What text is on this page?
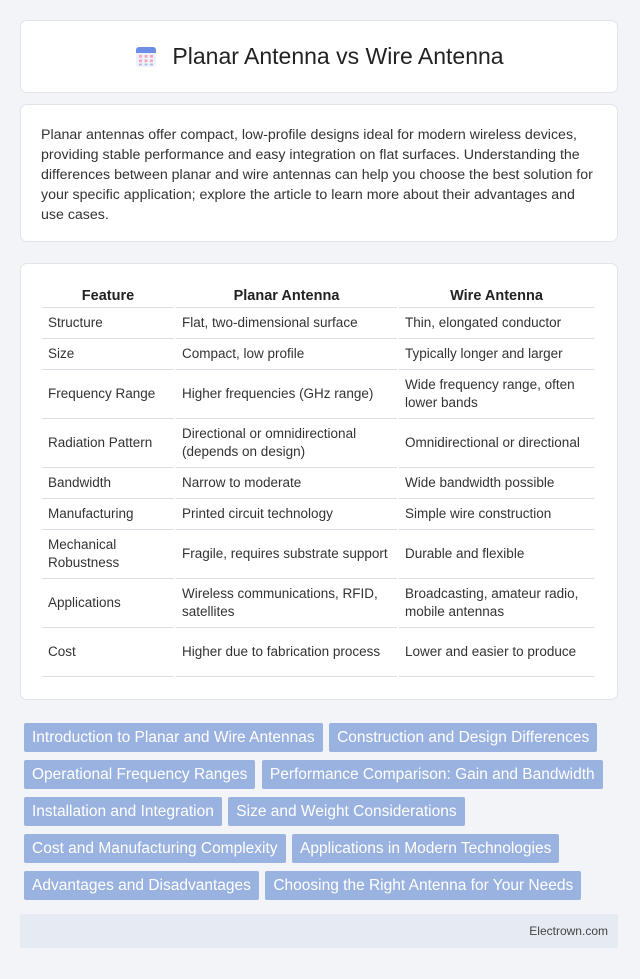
Planar Antenna vs Wire Antenna

Planar antennas offer compact, low-profile designs ideal for modern wireless devices, providing stable performance and easy integration on flat surfaces. Understanding the differences between planar and wire antennas can help you choose the best solution for your specific application; explore the article to learn more about their advantages and use cases.

Feature	Planar Antenna	Wire Antenna
Structure	Flat, two-dimensional surface	Thin, elongated conductor
Size	Compact, low profile	Typically longer and larger
Frequency Range	Higher frequencies (GHz range)	Wide frequency range, often lower bands
Radiation Pattern	Directional or omnidirectional (depends on design)	Omnidirectional or directional
Bandwidth	Narrow to moderate	Wide bandwidth possible
Manufacturing	Printed circuit technology	Simple wire construction
Mechanical Robustness	Fragile, requires substrate support	Durable and flexible
Applications	Wireless communications, RFID, satellites	Broadcasting, amateur radio, mobile antennas
Cost	Higher due to fabrication process	Lower and easier to produce
Introduction to Planar and Wire Antennas Construction and Design Differences Operational Frequency Ranges Performance Comparison: Gain and Bandwidth Installation and Integration Size and Weight Considerations Cost and Manufacturing Complexity Applications in Modern Technologies Advantages and Disadvantages Choosing the Right Antenna for Your Needs
Electrown.com
